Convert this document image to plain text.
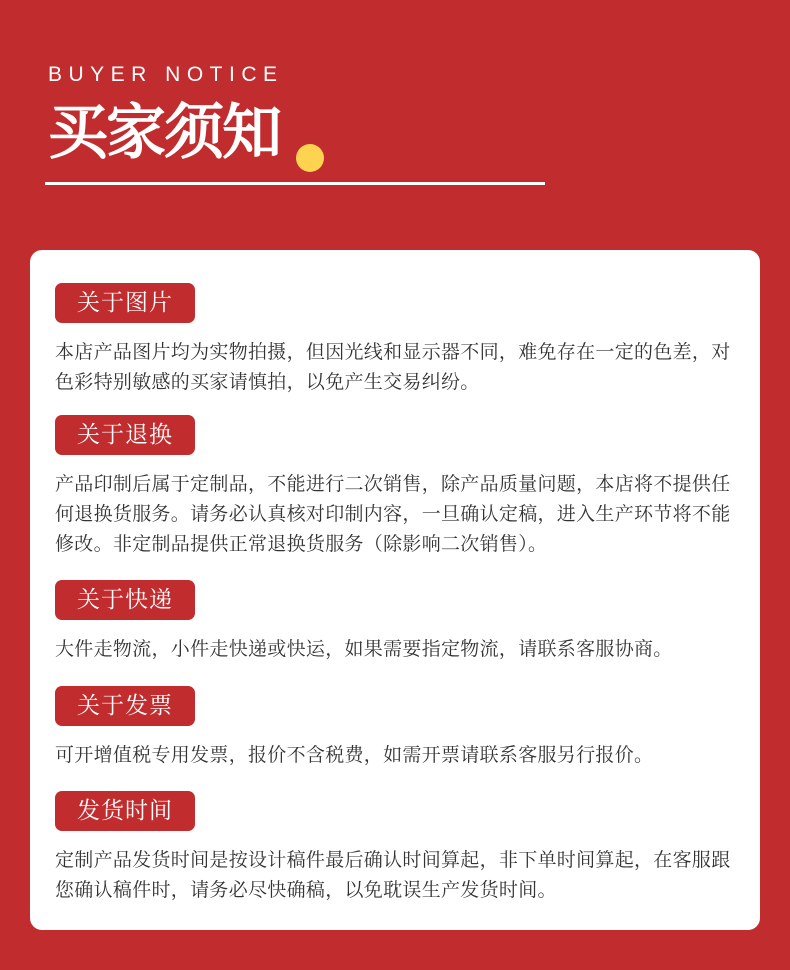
BUYER NOTICE
买家须知
关于图片
本店产品图片均为实物拍摄，但因光线和显示器不同，难免存在一定的色差，对色彩特别敏感的买家请慎拍，以免产生交易纠纷。
关于退换
产品印制后属于定制品，不能进行二次销售，除产品质量问题，本店将不提供任何退换货服务。请务必认真核对印制内容，一旦确认定稿，进入生产环节将不能修改。非定制品提供正常退换货服务（除影响二次销售）。
关于快递
大件走物流，小件走快递或快运，如果需要指定物流，请联系客服协商。
关于发票
可开增值税专用发票，报价不含税费，如需开票请联系客服另行报价。
发货时间
定制产品发货时间是按设计稿件最后确认时间算起，非下单时间算起，在客服跟您确认稿件时，请务必尽快确稿，以免耽误生产发货时间。
